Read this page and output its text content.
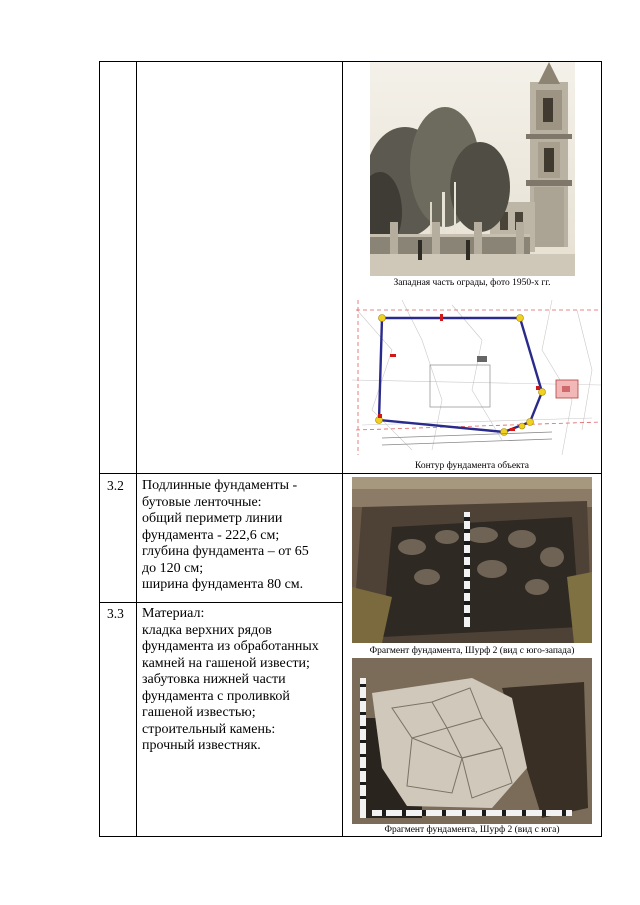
Западная часть ограды, фото 1950-х гг.
Контур фундамента объекта
3.2 Подлинные фундаменты -
бутовые ленточные:
общий периметр линии
фундамента - 222,6 см;
глубина фундамента – от 65
до 120 см;
ширина фундамента 80 см.
3.3 Материал:
кладка верхних рядов
фундамента из обработанных
камней на гашеной извести;
забутовка нижней части
фундамента с проливкой
гашеной известью;
строительный камень:
прочный известняк.
Фрагмент фундамента, Шурф 2 (вид с юго-запада)
Фрагмент фундамента, Шурф 2 (вид с юга)
